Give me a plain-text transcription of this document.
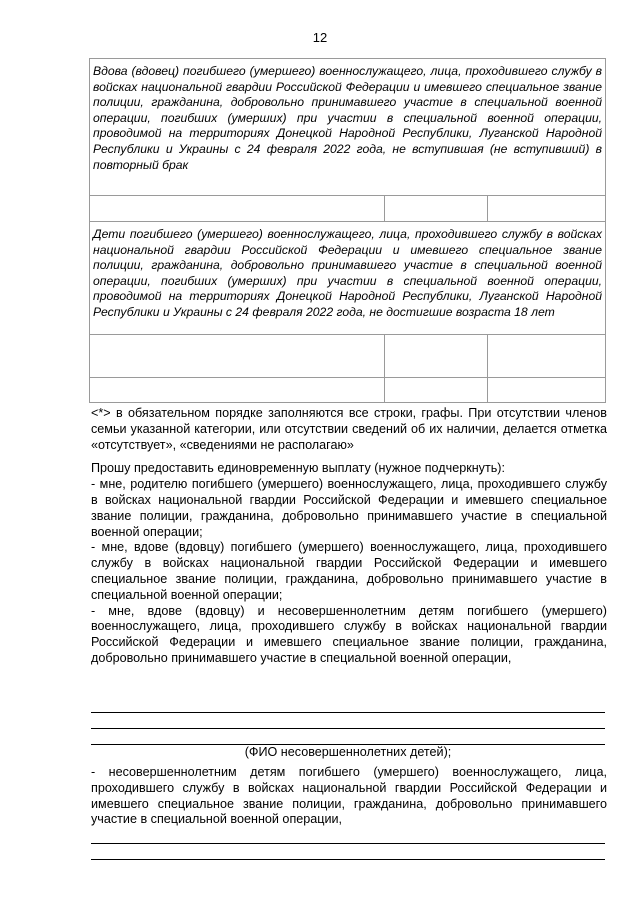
12
Вдова (вдовец) погибшего (умершего) военнослужащего, лица, проходившего службу в войсках национальной гвардии Российской Федерации и имевшего специальное звание полиции, гражданина, добровольно принимавшего участие в специальной военной операции, погибших (умерших) при участии в специальной военной операции, проводимой на территориях Донецкой Народной Республики, Луганской Народной Республики и Украины с 24 февраля 2022 года, не вступившая (не вступивший) в повторный брак		

Дети погибшего (умершего) военнослужащего, лица, проходившего службу в войсках национальной гвардии Российской Федерации и имевшего специальное звание полиции, гражданина, добровольно принимавшего участие в специальной военной операции, погибших (умерших) при участии в специальной военной операции, проводимой на территориях Донецкой Народной Республики, Луганской Народной Республики и Украины с 24 февраля 2022 года, не достигшие возраста 18 лет		

<*> в обязательном порядке заполняются все строки, графы. При отсутствии членов семьи указанной категории, или отсутствии сведений об их наличии, делается отметка «отсутствует», «сведениями не располагаю»

Прошу предоставить единовременную выплату (нужное подчеркнуть):

- мне, родителю погибшего (умершего) военнослужащего, лица, проходившего службу в войсках национальной гвардии Российской Федерации и имевшего специальное звание полиции, гражданина, добровольно принимавшего участие в специальной военной операции;

- мне, вдове (вдовцу) погибшего (умершего) военнослужащего, лица, проходившего службу в войсках национальной гвардии Российской Федерации и имевшего специальное звание полиции, гражданина, добровольно принимавшего участие в специальной военной операции;

- мне, вдове (вдовцу) и несовершеннолетним детям погибшего (умершего) военнослужащего, лица, проходившего службу в войсках национальной гвардии Российской Федерации и имевшего специальное звание полиции, гражданина, добровольно принимавшего участие в специальной военной операции,

(ФИО несовершеннолетних детей);

- несовершеннолетним детям погибшего (умершего) военнослужащего, лица, проходившего службу в войсках национальной гвардии Российской Федерации и имевшего специальное звание полиции, гражданина, добровольно принимавшего участие в специальной военной операции,
